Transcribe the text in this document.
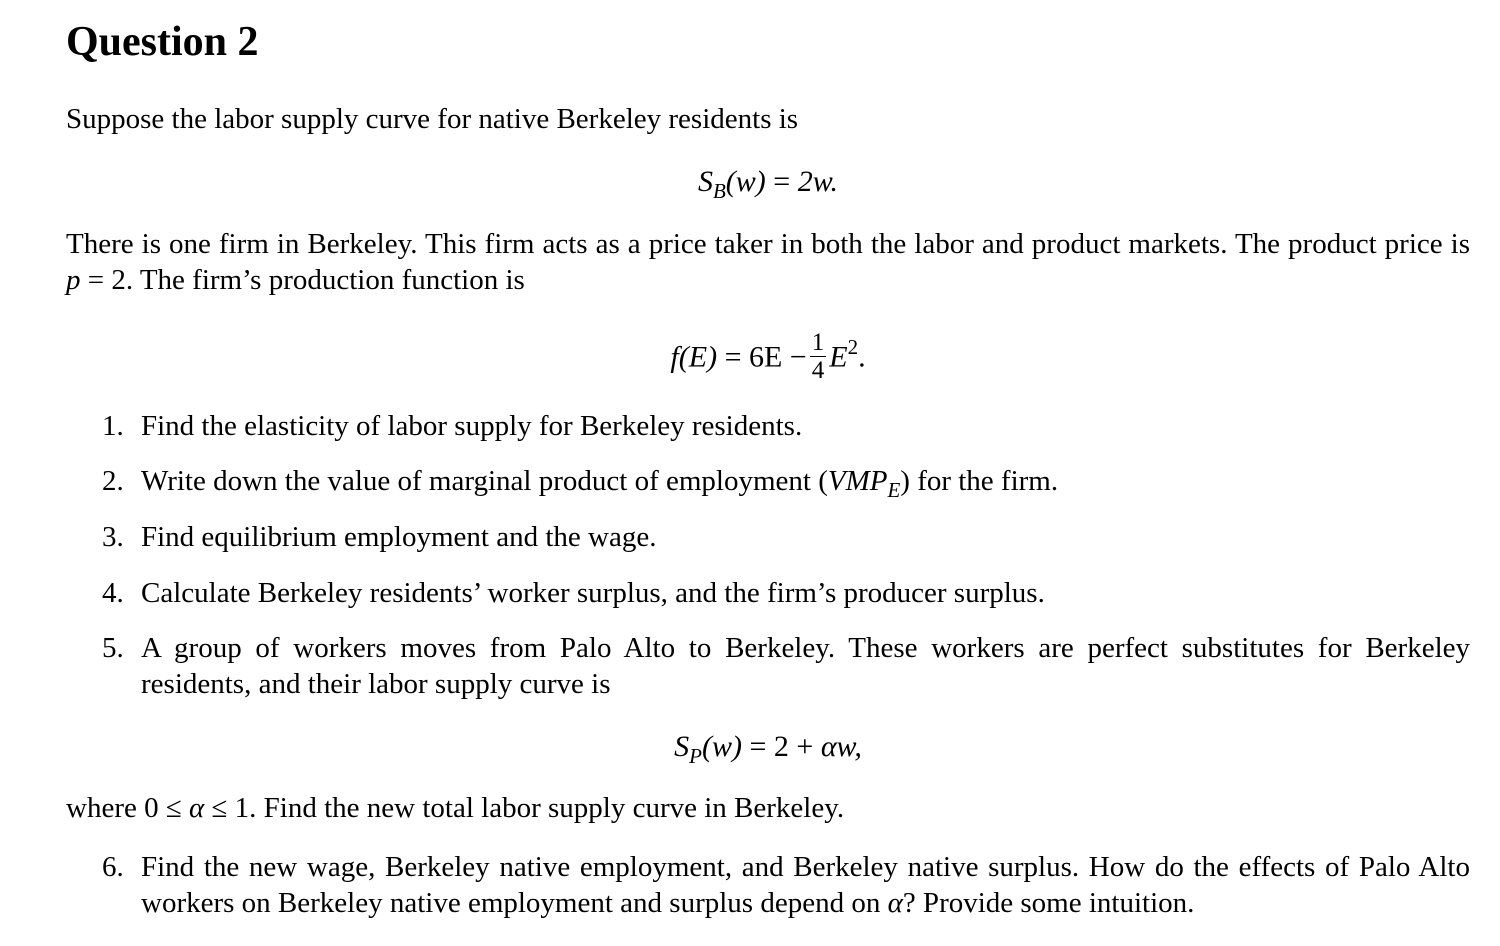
Question 2

Suppose the labor supply curve for native Berkeley residents is

$S_B(w) = 2w$.

There is one firm in Berkeley. This firm acts as a price taker in both the labor and product markets. The product price is p = 2. The firm’s production function is

$f(E) = 6E - \frac{1}{4} E^2$.

1. Find the elasticity of labor supply for Berkeley residents.

2. Write down the value of marginal product of employment $(VMP_E)$ for the firm.

3. Find equilibrium employment and the wage.

4. Calculate Berkeley residents’ worker surplus, and the firm’s producer surplus.

5. A group of workers moves from Palo Alto to Berkeley. These workers are perfect substitutes for Berkeley residents, and their labor supply curve is

$S_P(w) = 2 + \alpha w$,

where 0 ≤ α ≤ 1. Find the new total labor supply curve in Berkeley.

6. Find the new wage, Berkeley native employment, and Berkeley native surplus. How do the effects of Palo Alto workers on Berkeley native employment and surplus depend on α? Provide some intuition.
